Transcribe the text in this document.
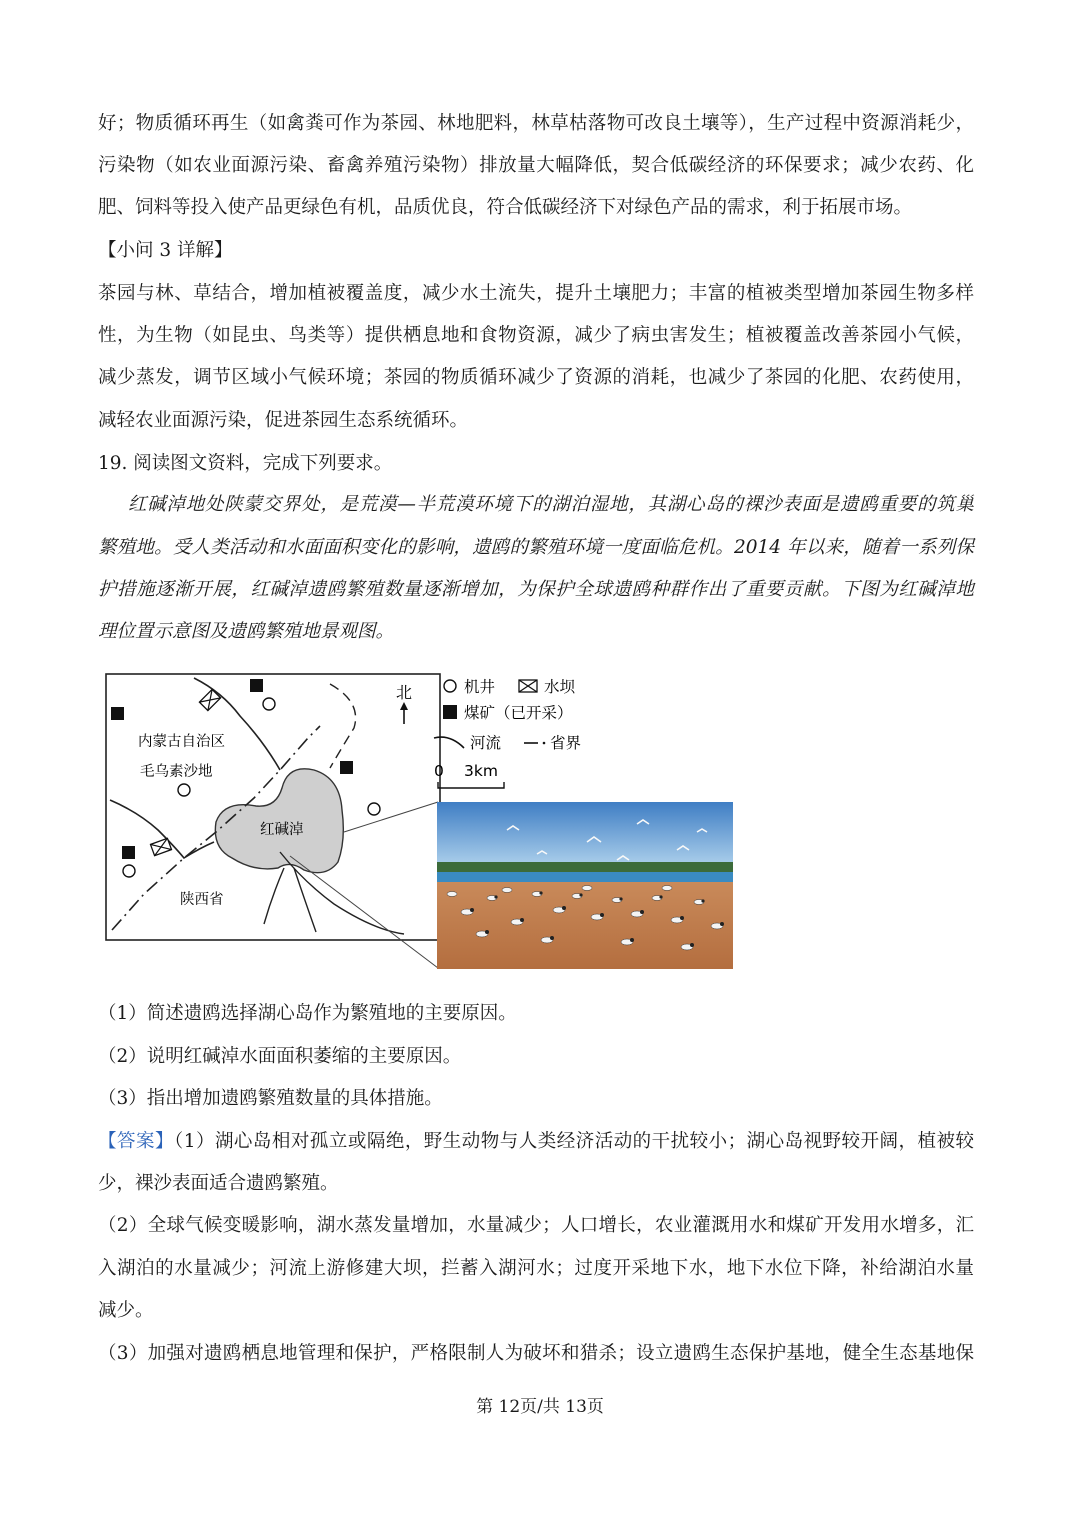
好；物质循环再生（如禽粪可作为茶园、林地肥料，林草枯落物可改良土壤等），生产过程中资源消耗少，
污染物（如农业面源污染、畜禽养殖污染物）排放量大幅降低，契合低碳经济的环保要求；减少农药、化
肥、饲料等投入使产品更绿色有机，品质优良，符合低碳经济下对绿色产品的需求，利于拓展市场。
【小问 3 详解】
茶园与林、草结合，增加植被覆盖度，减少水土流失，提升土壤肥力；丰富的植被类型增加茶园生物多样
性，为生物（如昆虫、鸟类等）提供栖息地和食物资源，减少了病虫害发生；植被覆盖改善茶园小气候，
减少蒸发，调节区域小气候环境；茶园的物质循环减少了资源的消耗，也减少了茶园的化肥、农药使用，
减轻农业面源污染，促进茶园生态系统循环。
19. 阅读图文资料，完成下列要求。
红碱淖地处陕蒙交界处，是荒漠—半荒漠环境下的湖泊湿地，其湖心岛的裸沙表面是遗鸥重要的筑巢
繁殖地。受人类活动和水面面积变化的影响，遗鸥的繁殖环境一度面临危机。2014 年以来，随着一系列保
护措施逐渐开展，红碱淖遗鸥繁殖数量逐渐增加，为保护全球遗鸥种群作出了重要贡献。下图为红碱淖地
理位置示意图及遗鸥繁殖地景观图。
北
内蒙古自治区
毛乌素沙地
红碱淖
陕西省
机井	水坝
煤矿（已开采）
河流	省界
0 3km
（1）简述遗鸥选择湖心岛作为繁殖地的主要原因。
（2）说明红碱淖水面面积萎缩的主要原因。
（3）指出增加遗鸥繁殖数量的具体措施。
【答案】（1）湖心岛相对孤立或隔绝，野生动物与人类经济活动的干扰较小；湖心岛视野较开阔，植被较
少，裸沙表面适合遗鸥繁殖。
（2）全球气候变暖影响，湖水蒸发量增加，水量减少；人口增长，农业灌溉用水和煤矿开发用水增多，汇
入湖泊的水量减少；河流上游修建大坝，拦蓄入湖河水；过度开采地下水，地下水位下降，补给湖泊水量
减少。
（3）加强对遗鸥栖息地管理和保护，严格限制人为破坏和猎杀；设立遗鸥生态保护基地，健全生态基地保
第 12页/共 13页
